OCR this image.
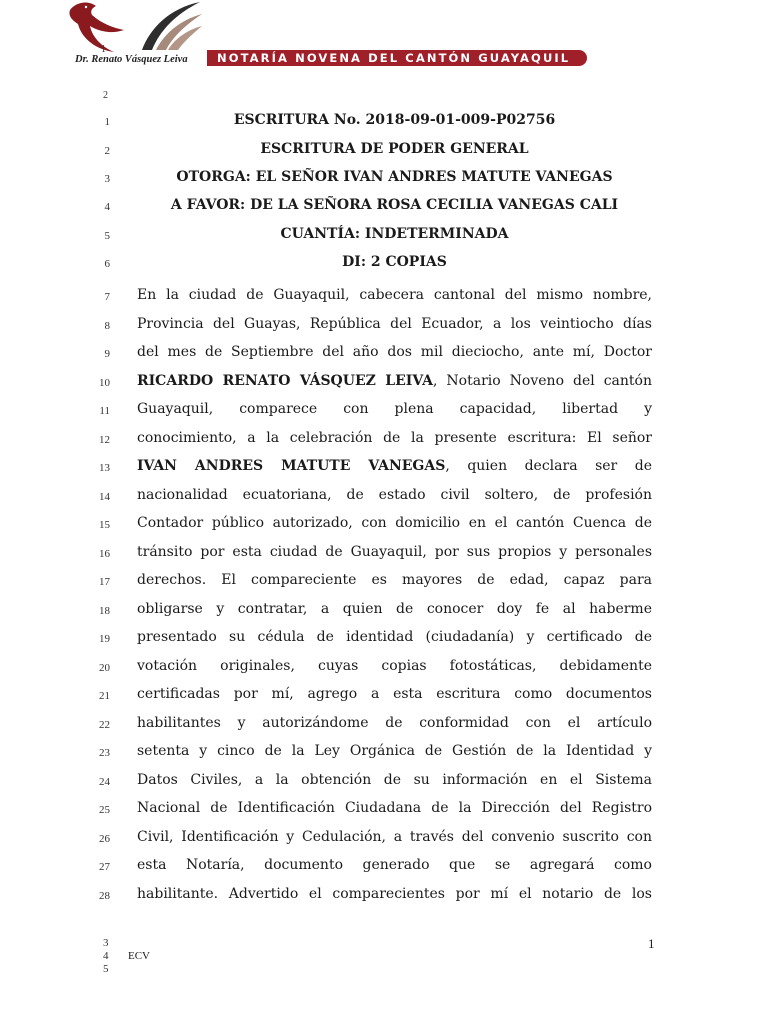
Dr. Renato Vásquez Leiva
1
2
NOTARÍA NOVENA DEL CANTÓN GUAYAQUIL
1
2
3
4
5
6
7
8
9
10
11
12
13
14
15
16
17
18
19
20
21
22
23
24
25
26
27
28
ESCRITURA No. 2018-09-01-009-P02756
ESCRITURA DE PODER GENERAL
OTORGA: EL SEÑOR IVAN ANDRES MATUTE VANEGAS
A FAVOR: DE LA SEÑORA ROSA CECILIA VANEGAS CALI
CUANTÍA: INDETERMINADA
DI: 2 COPIAS
En la ciudad de Guayaquil, cabecera cantonal del mismo nombre,
Provincia del Guayas, República del Ecuador, a los veintiocho días
del mes de Septiembre del año dos mil dieciocho, ante mí, Doctor
RICARDO RENATO VÁSQUEZ LEIVA, Notario Noveno del cantón
Guayaquil, comparece con plena capacidad, libertad y
conocimiento, a la celebración de la presente escritura: El señor
IVAN ANDRES MATUTE VANEGAS, quien declara ser de
nacionalidad ecuatoriana, de estado civil soltero, de profesión
Contador público autorizado, con domicilio en el cantón Cuenca de
tránsito por esta ciudad de Guayaquil, por sus propios y personales
derechos. El compareciente es mayores de edad, capaz para
obligarse y contratar, a quien de conocer doy fe al haberme
presentado su cédula de identidad (ciudadanía) y certificado de
votación originales, cuyas copias fotostáticas, debidamente
certificadas por mí, agrego a esta escritura como documentos
habilitantes y autorizándome de conformidad con el artículo
setenta y cinco de la Ley Orgánica de Gestión de la Identidad y
Datos Civiles, a la obtención de su información en el Sistema
Nacional de Identificación Ciudadana de la Dirección del Registro
Civil, Identificación y Cedulación, a través del convenio suscrito con
esta Notaría, documento generado que se agregará como
habilitante. Advertido el comparecientes por mí el notario de los
3
4
5
ECV
1
